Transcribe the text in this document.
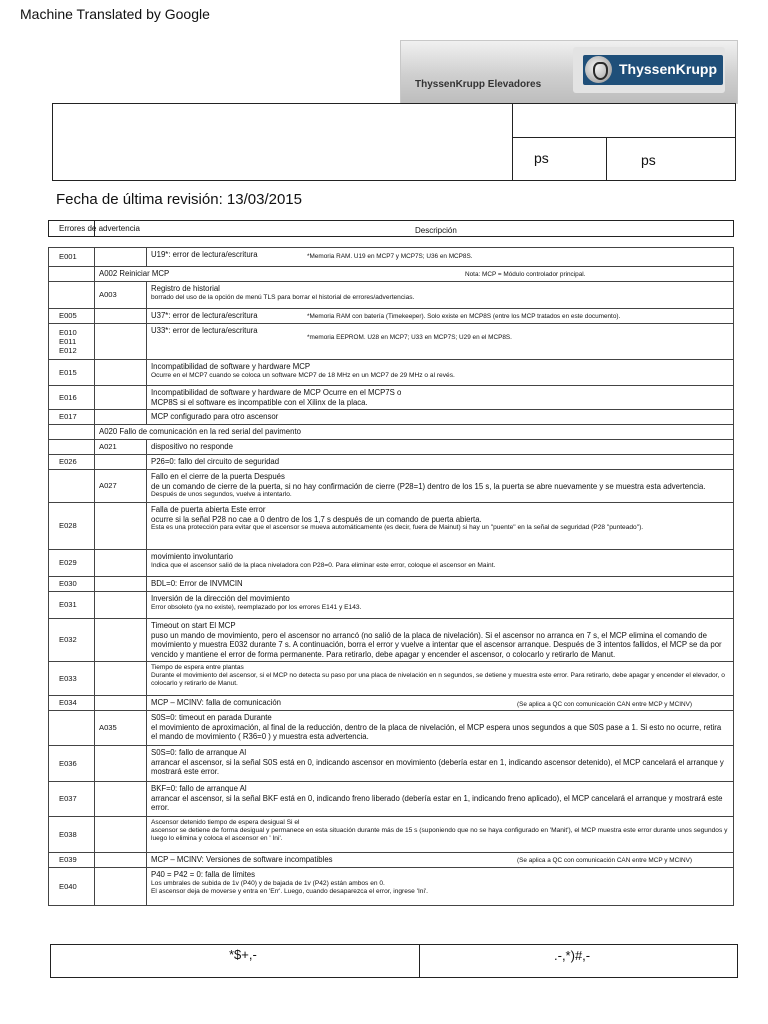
Machine Translated by Google
ThyssenKrupp Elevadores
ThyssenKrupp
ps	ps
Fecha de última revisión: 13/03/2015
Errores de advertencia	Descripción
E001		U19*: error de lectura/escritura *Memoria RAM. U19 en MCP7 y MCP7S; U36 en MCP8S.

	A002 Reiniciar MCP Nota: MCP = Módulo controlador principal.	

	A003	Registro de historial
borrado del uso de la opción de menú TLS para borrar el historial de errores/advertencias.

E005		U37*: error de lectura/escritura *Memoria RAM con batería (Timekeeper). Solo existe en MCP8S (entre los MCP tratados en este documento).

E010
E011
E012		U33*: error de lectura/escritura
*memoria EEPROM. U28 en MCP7; U33 en MCP7S; U29 en el MCP8S.

E015		Incompatibilidad de software y hardware MCP
Ocurre en el MCP7 cuando se coloca un software MCP7 de 18 MHz en un MCP7 de 29 MHz o al revés.

E016		Incompatibilidad de software y hardware de MCP Ocurre en el MCP7S o
MCP8S si el software es incompatible con el Xilinx de la placa.

E017		MCP configurado para otro ascensor

	A020 Fallo de comunicación en la red serial del pavimento	
	A021	dispositivo no responde

E026		P26=0: fallo del circuito de seguridad

	A027	Fallo en el cierre de la puerta Después
de un comando de cierre de la puerta, si no hay confirmación de cierre (P28=1) dentro de los 15 s, la puerta se abre nuevamente y se muestra esta advertencia.
Después de unos segundos, vuelve a intentarlo.

E028		Falla de puerta abierta Este error
ocurre si la señal P28 no cae a 0 dentro de los 1,7 s después de un comando de puerta abierta.
Esta es una protección para evitar que el ascensor se mueva automáticamente (es decir, fuera de Mainut) si hay un "puente" en la señal de seguridad (P28 "punteado").

E029		movimiento involuntario
Indica que el ascensor salió de la placa niveladora con P28=0. Para eliminar este error, coloque el ascensor en Maint.

E030		BDL=0: Error de INVMCIN

E031		Inversión de la dirección del movimiento
Error obsoleto (ya no existe), reemplazado por los errores E141 y E143.

E032		Timeout on start El MCP
puso un mando de movimiento, pero el ascensor no arrancó (no salió de la placa de nivelación). Si el ascensor no arranca en 7 s, el MCP elimina el comando de movimiento y muestra E032 durante 7 s. A continuación, borra el error y vuelve a intentar que el ascensor arranque. Después de 3 intentos fallidos, el MCP se da por vencido y mantiene el error de forma permanente. Para retirarlo, debe apagar y encender el ascensor, o colocarlo y retirarlo de Manut.

E033		Tiempo de espera entre plantas
Durante el movimiento del ascensor, si el MCP no detecta su paso por una placa de nivelación en n segundos, se detiene y muestra este error. Para retirarlo, debe apagar y encender el elevador, o colocarlo y retirarlo de Manut.

E034		MCP – MCINV: falla de comunicación (Se aplica a QC con comunicación CAN entre MCP y MCINV)

	A035	S0S=0: timeout en parada Durante
el movimiento de aproximación, al final de la reducción, dentro de la placa de nivelación, el MCP espera unos segundos a que S0S pase a 1. Si esto no ocurre, retira el mando de movimiento ( R36=0 ) y muestra esta advertencia.

E036		S0S=0: fallo de arranque Al
arrancar el ascensor, si la señal S0S está en 0, indicando ascensor en movimiento (debería estar en 1, indicando ascensor detenido), el MCP cancelará el arranque y mostrará este error.

E037		BKF=0: fallo de arranque Al
arrancar el ascensor, si la señal BKF está en 0, indicando freno liberado (debería estar en 1, indicando freno aplicado), el MCP cancelará el arranque y mostrará este error.

E038		Ascensor detenido tiempo de espera desigual Si el
ascensor se detiene de forma desigual y permanece en esta situación durante más de 15 s (suponiendo que no se haya configurado en 'Manit'), el MCP muestra este error durante unos segundos y luego lo elimina y coloca el ascensor en ' Ini'.

E039		MCP – MCINV: Versiones de software incompatibles (Se aplica a QC con comunicación CAN entre MCP y MCINV)

E040		P40 = P42 = 0: falla de límites
Los umbrales de subida de 1v (P40) y de bajada de 1v (P42) están ambos en 0.
El ascensor deja de moverse y entra en 'Err'. Luego, cuando desaparezca el error, ingrese 'Ini'.
*$+,-	.-,*)#,-
